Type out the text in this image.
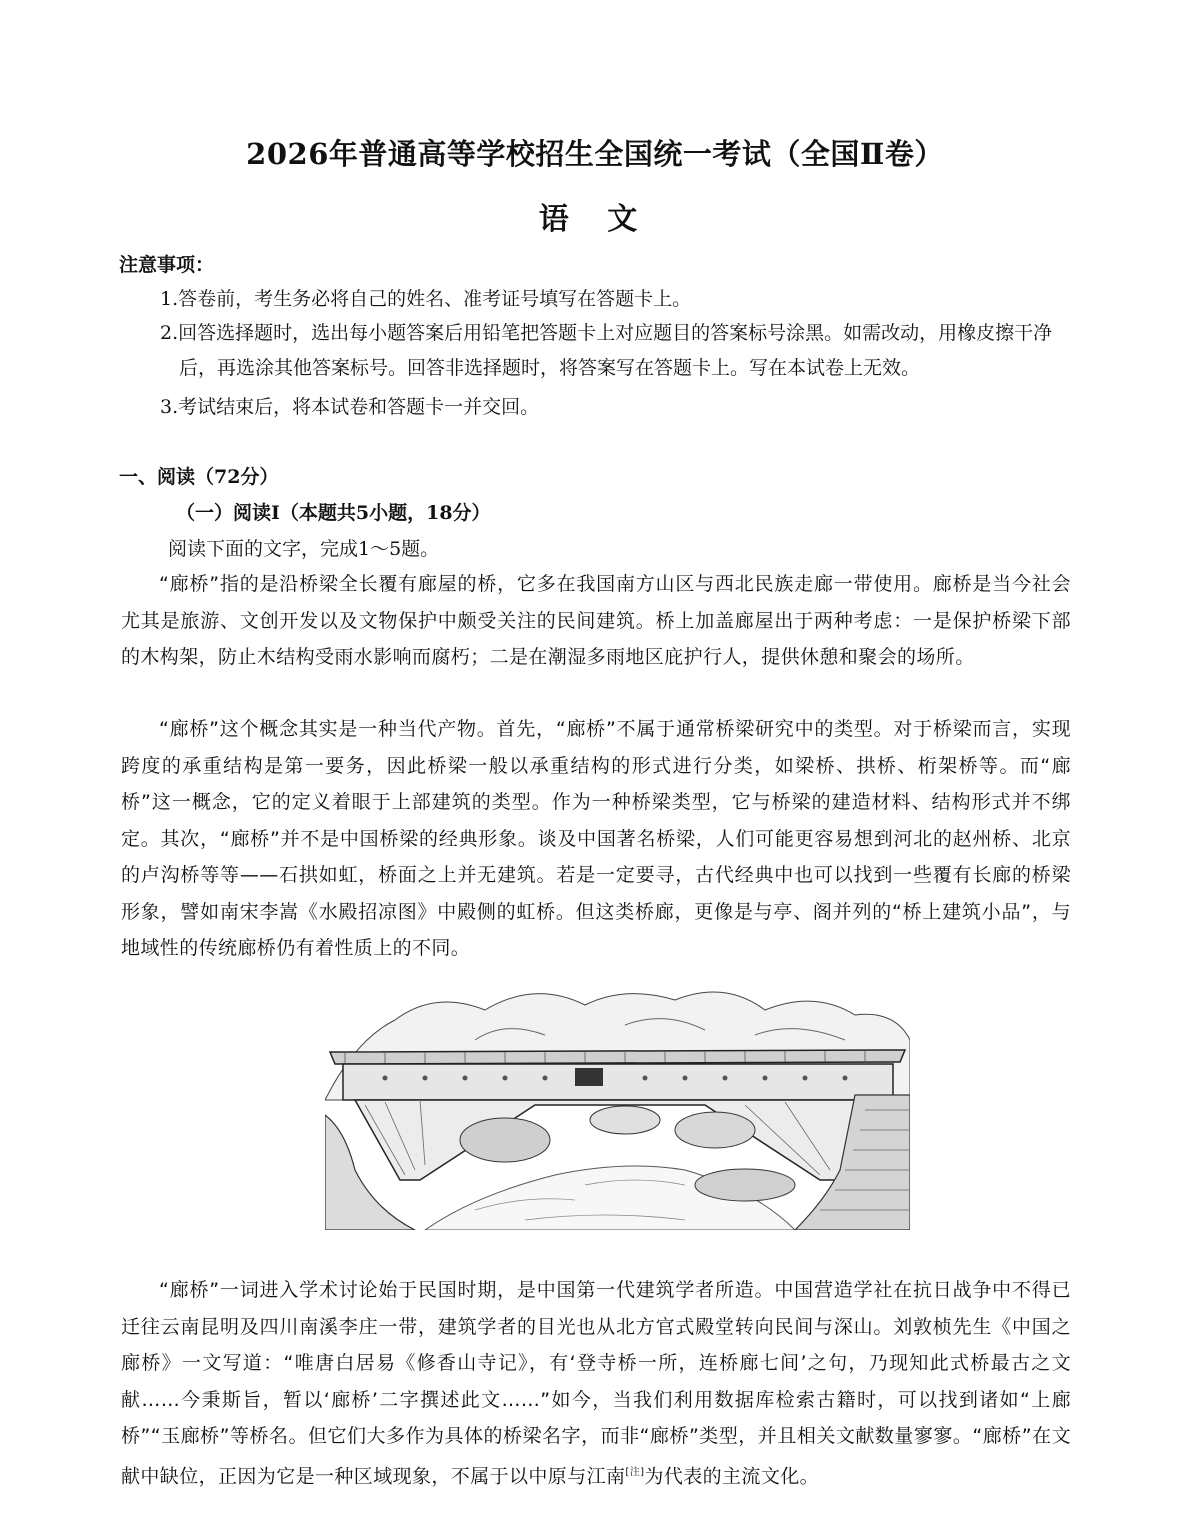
2026年普通高等学校招生全国统一考试（全国Ⅱ卷）
语 文
注意事项：
1.答卷前，考生务必将自己的姓名、准考证号填写在答题卡上。
2.回答选择题时，选出每小题答案后用铅笔把答题卡上对应题目的答案标号涂黑。如需改动，用橡皮擦干净后，再选涂其他答案标号。回答非选择题时，将答案写在答题卡上。写在本试卷上无效。
3.考试结束后，将本试卷和答题卡一并交回。
一、阅读（72分）
（一）阅读Ⅰ（本题共5小题，18分）
阅读下面的文字，完成1～5题。
“廊桥”指的是沿桥梁全长覆有廊屋的桥，它多在我国南方山区与西北民族走廊一带使用。廊桥是当今社会尤其是旅游、文创开发以及文物保护中颇受关注的民间建筑。桥上加盖廊屋出于两种考虑：一是保护桥梁下部的木构架，防止木结构受雨水影响而腐朽；二是在潮湿多雨地区庇护行人，提供休憩和聚会的场所。
“廊桥”这个概念其实是一种当代产物。首先，“廊桥”不属于通常桥梁研究中的类型。对于桥梁而言，实现跨度的承重结构是第一要务，因此桥梁一般以承重结构的形式进行分类，如梁桥、拱桥、桁架桥等。而“廊桥”这一概念，它的定义着眼于上部建筑的类型。作为一种桥梁类型，它与桥梁的建造材料、结构形式并不绑定。其次，“廊桥”并不是中国桥梁的经典形象。谈及中国著名桥梁，人们可能更容易想到河北的赵州桥、北京的卢沟桥等等——石拱如虹，桥面之上并无建筑。若是一定要寻，古代经典中也可以找到一些覆有长廊的桥梁形象，譬如南宋李嵩《水殿招凉图》中殿侧的虹桥。但这类桥廊，更像是与亭、阁并列的“桥上建筑小品”，与地域性的传统廊桥仍有着性质上的不同。
“廊桥”一词进入学术讨论始于民国时期，是中国第一代建筑学者所造。中国营造学社在抗日战争中不得已迁往云南昆明及四川南溪李庄一带，建筑学者的目光也从北方官式殿堂转向民间与深山。刘敦桢先生《中国之廊桥》一文写道：“唯唐白居易《修香山寺记》，有‘登寺桥一所，连桥廊七间’之句，乃现知此式桥最古之文献……今秉斯旨，暂以‘廊桥’二字撰述此文……”如今，当我们利用数据库检索古籍时，可以找到诸如“上廊桥”“玉廊桥”等桥名。但它们大多作为具体的桥梁名字，而非“廊桥”类型，并且相关文献数量寥寥。“廊桥”在文献中缺位，正因为它是一种区域现象，不属于以中原与江南[注]为代表的主流文化。
